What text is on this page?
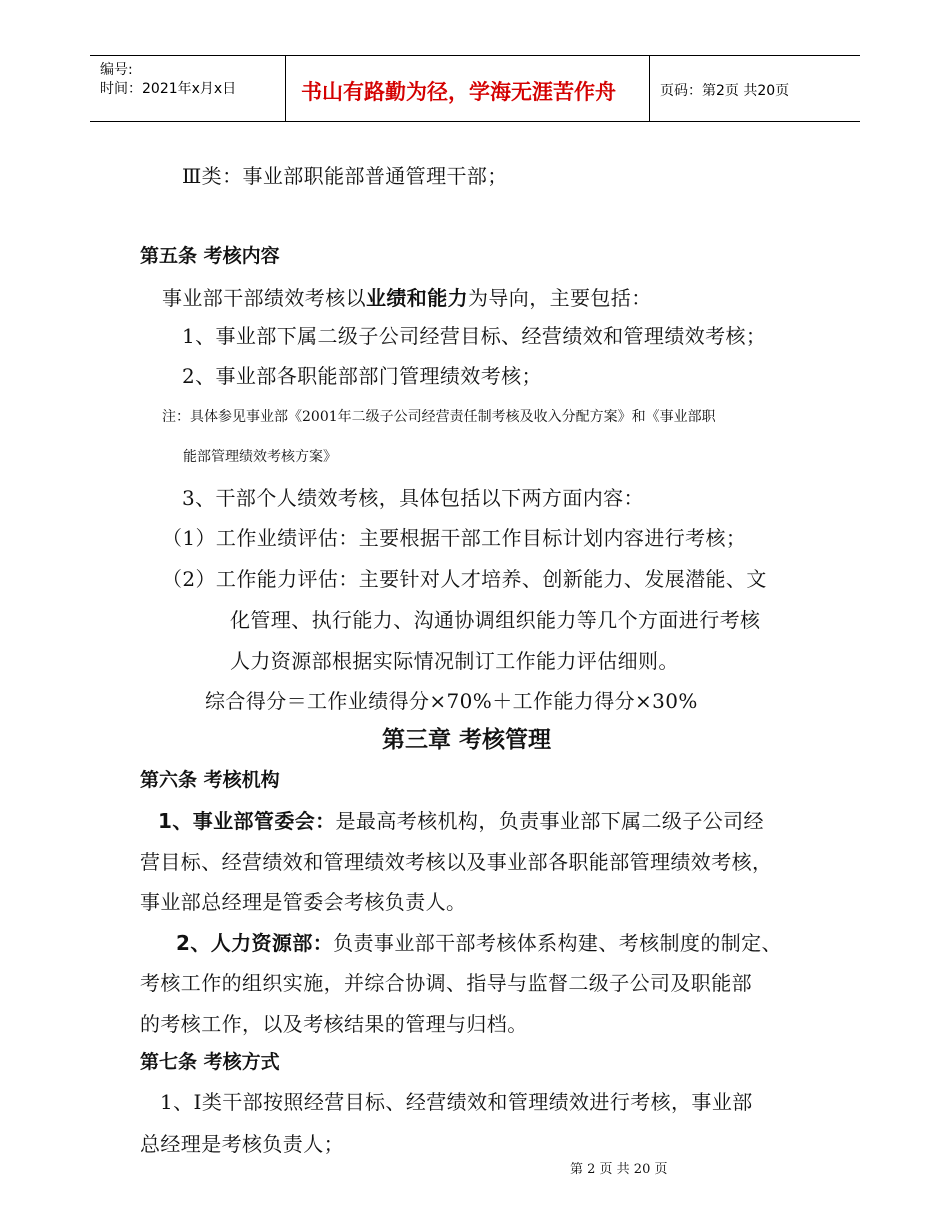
编号:
时间：2021年x月x日	书山有路勤为径，学海无涯苦作舟	页码：第2页 共20页
Ⅲ类：事业部职能部普通管理干部；
第五条 考核内容
事业部干部绩效考核以业绩和能力为导向，主要包括：
1、事业部下属二级子公司经营目标、经营绩效和管理绩效考核；
2、事业部各职能部部门管理绩效考核；
注：具体参见事业部《2001年二级子公司经营责任制考核及收入分配方案》和《事业部职
能部管理绩效考核方案》
3、干部个人绩效考核，具体包括以下两方面内容：
（1）工作业绩评估：主要根据干部工作目标计划内容进行考核；
（2）工作能力评估：主要针对人才培养、创新能力、发展潜能、文
化管理、执行能力、沟通协调组织能力等几个方面进行考核
人力资源部根据实际情况制订工作能力评估细则。
综合得分＝工作业绩得分×70%＋工作能力得分×30%
第三章 考核管理
第六条 考核机构
1、事业部管委会：是最高考核机构，负责事业部下属二级子公司经
营目标、经营绩效和管理绩效考核以及事业部各职能部管理绩效考核，
事业部总经理是管委会考核负责人。
2、人力资源部：负责事业部干部考核体系构建、考核制度的制定、
考核工作的组织实施，并综合协调、指导与监督二级子公司及职能部
的考核工作，以及考核结果的管理与归档。
第七条 考核方式
1、Ⅰ类干部按照经营目标、经营绩效和管理绩效进行考核，事业部
总经理是考核负责人；
第 2 页 共 20 页
